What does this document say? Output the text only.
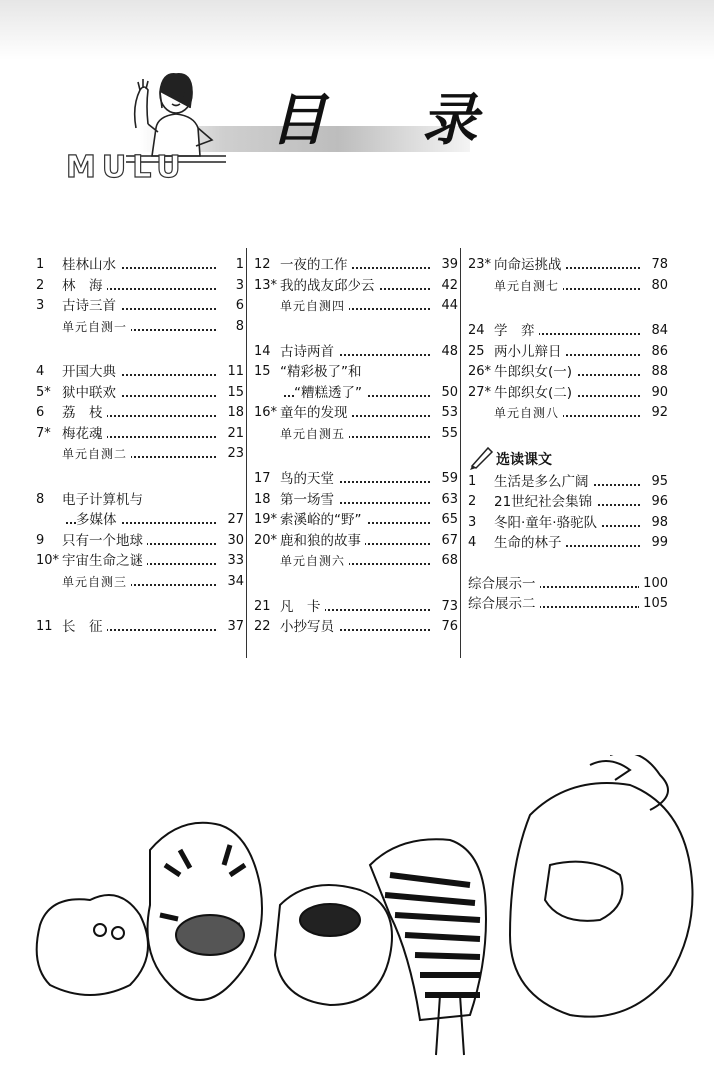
MULU
目 录
1 桂林山水	1
2 林　海	3
3 古诗三首	6
单元自测一	8
4 开国大典	11
5* 狱中联欢	15
6 荔　枝	18
7* 梅花魂	21
单元自测二	23
8 电子计算机与
多媒体	27
9 只有一个地球	30
10* 宇宙生命之谜	33
单元自测三	34
11 长　征	37
12 一夜的工作	39
13* 我的战友邱少云	42
单元自测四	44
14 古诗两首	48
15 “精彩极了”和
“糟糕透了”	50
16* 童年的发现	53
单元自测五	55
17 鸟的天堂	59
18 第一场雪	63
19* 索溪峪的“野”	65
20* 鹿和狼的故事	67
单元自测六	68
21 凡　卡	73
22 小抄写员	76
23* 向命运挑战	78
单元自测七	80
24 学　弈	84
25 两小儿辩日	86
26* 牛郎织女(一)	88
27* 牛郎织女(二)	90
单元自测八	92
选读课文
1 生活是多么广阔	95
2 21世纪社会集锦	96
3 冬阳·童年·骆驼队	98
4 生命的林子	99
综合展示一	100
综合展示二	105
